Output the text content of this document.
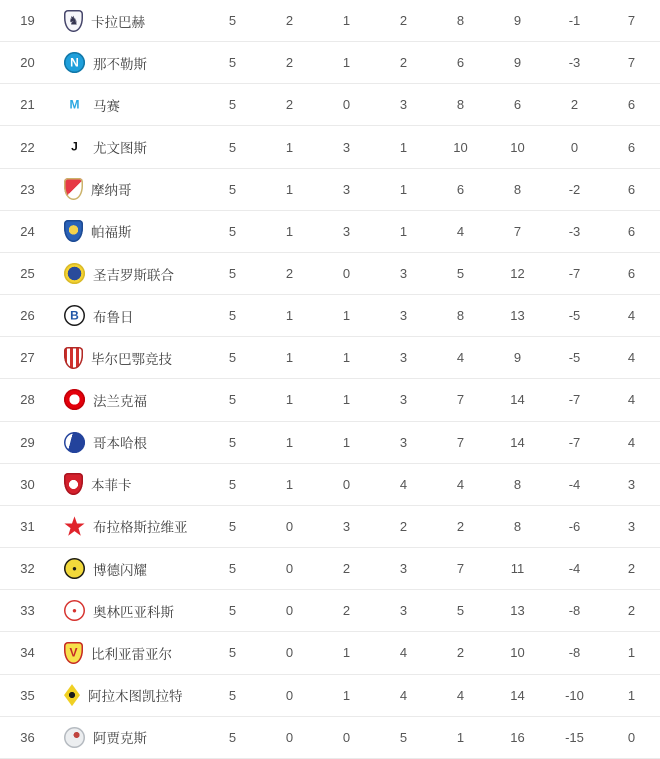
19	♞ 卡拉巴赫	5	2	1	2	8	9	-1	7
20	N 那不勒斯	5	2	1	2	6	9	-3	7
21	M 马赛	5	2	0	3	8	6	2	6
22	J 尤文图斯	5	1	3	1	10	10	0	6
23	摩纳哥	5	1	3	1	6	8	-2	6
24	帕福斯	5	1	3	1	4	7	-3	6
25	圣吉罗斯联合	5	2	0	3	5	12	-7	6
26	B 布鲁日	5	1	1	3	8	13	-5	4
27	毕尔巴鄂竞技	5	1	1	3	4	9	-5	4
28	法兰克福	5	1	1	3	7	14	-7	4
29	哥本哈根	5	1	1	3	7	14	-7	4
30	本菲卡	5	1	0	4	4	8	-4	3
31	布拉格斯拉维亚	5	0	3	2	2	8	-6	3
32	• 博德闪耀	5	0	2	3	7	11	-4	2
33	• 奥林匹亚科斯	5	0	2	3	5	13	-8	2
34	V 比利亚雷亚尔	5	0	1	4	2	10	-8	1
35	阿拉木图凯拉特	5	0	1	4	4	14	-10	1
36	阿贾克斯	5	0	0	5	1	16	-15	0
